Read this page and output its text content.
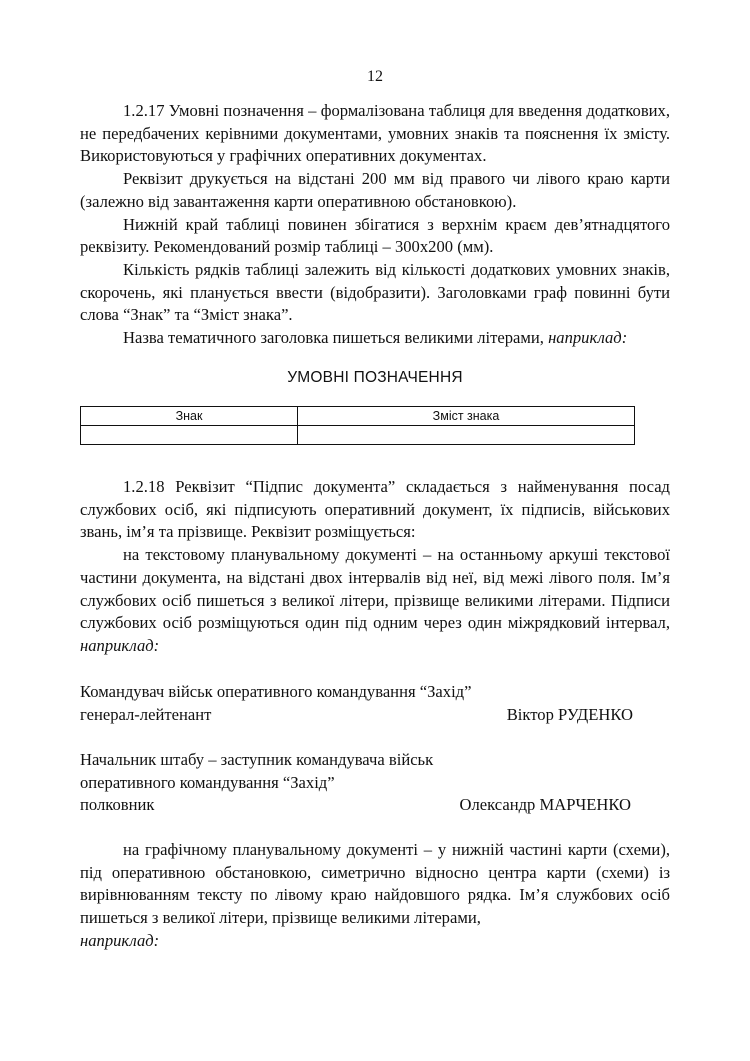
12

1.2.17 Умовні позначення – формалізована таблиця для введення додаткових, не передбачених керівними документами, умовних знаків та пояснення їх змісту. Використовуються у графічних оперативних документах.

Реквізит друкується на відстані 200 мм від правого чи лівого краю карти (залежно від завантаження карти оперативною обстановкою).

Нижній край таблиці повинен збігатися з верхнім краєм дев’ятнадцятого реквізиту. Рекомендований розмір таблиці – 300х200 (мм).

Кількість рядків таблиці залежить від кількості додаткових умовних знаків, скорочень, які планується ввести (відобразити). Заголовками граф повинні бути слова “Знак” та “Зміст знака”.

Назва тематичного заголовка пишеться великими літерами, наприклад:

УМОВНІ ПОЗНАЧЕННЯ
Знак	Зміст знака

1.2.18 Реквізит “Підпис документа” складається з найменування посад службових осіб, які підписують оперативний документ, їх підписів, військових звань, ім’я та прізвище. Реквізит розміщується:

на текстовому планувальному документі – на останньому аркуші текстової частини документа, на відстані двох інтервалів від неї, від межі лівого поля. Ім’я службових осіб пишеться з великої літери, прізвище великими літерами. Підписи службових осіб розміщуються один під одним через один міжрядковий інтервал, наприклад:

Командувач військ оперативного командування “Захід”
генерал-лейтенант	Віктор РУДЕНКО
Начальник штабу – заступник командувача військ
оперативного командування “Захід”
полковник	Олександр МАРЧЕНКО

на графічному планувальному документі – у нижній частині карти (схеми), під оперативною обстановкою, симетрично відносно центра карти (схеми) із вирівнюванням тексту по лівому краю найдовшого рядка. Ім’я службових осіб пишеться з великої літери, прізвище великими літерами,

наприклад:
